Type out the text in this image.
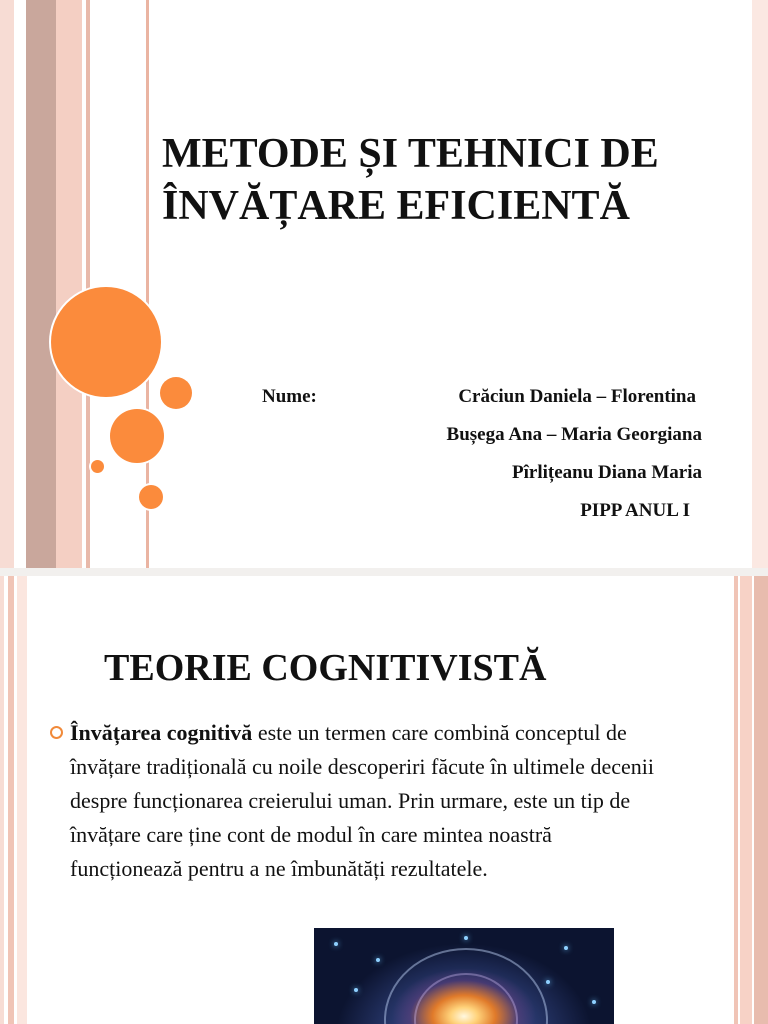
METODE ȘI TEHNICI DE
ÎNVĂȚARE EFICIENTĂ
Nume:	Crăciun Daniela – Florentina
Bușega Ana – Maria Georgiana
Pîrlițeanu Diana Maria
PIPP ANUL I
TEORIE COGNITIVISTĂ

Învățarea cognitivă este un termen care combină conceptul de învățare tradițională cu noile descoperiri făcute în ultimele decenii despre funcționarea creierului uman. Prin urmare, este un tip de învățare care ține cont de modul în care mintea noastră funcționează pentru a ne îmbunătăți rezultatele.
